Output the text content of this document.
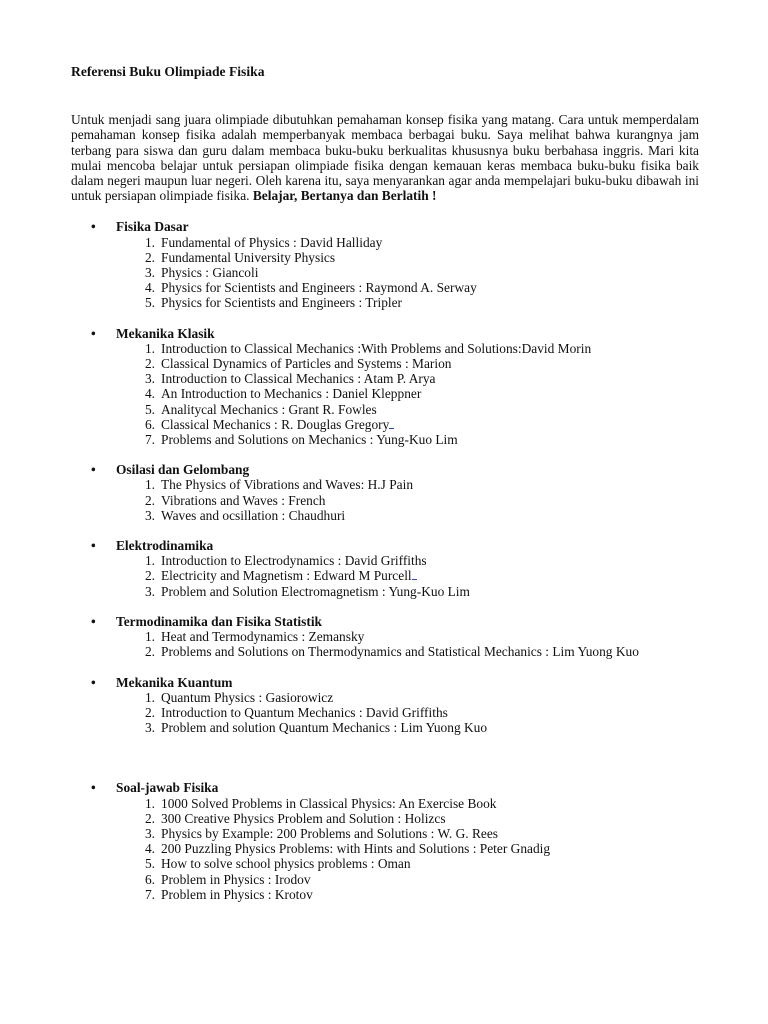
Referensi Buku Olimpiade Fisika

Untuk menjadi sang juara olimpiade dibutuhkan pemahaman konsep fisika yang matang. Cara untuk memperdalam pemahaman konsep fisika adalah memperbanyak membaca berbagai buku. Saya melihat bahwa kurangnya jam terbang para siswa dan guru dalam membaca buku-buku berkualitas khususnya buku berbahasa inggris. Mari kita mulai mencoba belajar untuk persiapan olimpiade fisika dengan kemauan keras membaca buku-buku fisika baik dalam negeri maupun luar negeri. Oleh karena itu, saya menyarankan agar anda mempelajari buku-buku dibawah ini untuk persiapan olimpiade fisika. Belajar, Bertanya dan Berlatih !

• Fisika Dasar
1. Fundamental of Physics : David Halliday
2. Fundamental University Physics
3. Physics : Giancoli
4. Physics for Scientists and Engineers : Raymond A. Serway
5. Physics for Scientists and Engineers : Tripler
• Mekanika Klasik
1. Introduction to Classical Mechanics :With Problems and Solutions:David Morin
2. Classical Dynamics of Particles and Systems : Marion
3. Introduction to Classical Mechanics : Atam P. Arya
4. An Introduction to Mechanics : Daniel Kleppner
5. Analitycal Mechanics : Grant R. Fowles
6. Classical Mechanics : R. Douglas Gregory
7. Problems and Solutions on Mechanics : Yung-Kuo Lim
• Osilasi dan Gelombang
1. The Physics of Vibrations and Waves: H.J Pain
2. Vibrations and Waves : French
3. Waves and ocsillation : Chaudhuri
• Elektrodinamika
1. Introduction to Electrodynamics : David Griffiths
2. Electricity and Magnetism : Edward M Purcell
3. Problem and Solution Electromagnetism : Yung-Kuo Lim
• Termodinamika dan Fisika Statistik
1. Heat and Termodynamics : Zemansky
2. Problems and Solutions on Thermodynamics and Statistical Mechanics : Lim Yuong Kuo
• Mekanika Kuantum
1. Quantum Physics : Gasiorowicz
2. Introduction to Quantum Mechanics : David Griffiths
3. Problem and solution Quantum Mechanics : Lim Yuong Kuo
• Soal-jawab Fisika
1. 1000 Solved Problems in Classical Physics: An Exercise Book
2. 300 Creative Physics Problem and Solution : Holizcs
3. Physics by Example: 200 Problems and Solutions : W. G. Rees
4. 200 Puzzling Physics Problems: with Hints and Solutions : Peter Gnadig
5. How to solve school physics problems : Oman
6. Problem in Physics : Irodov
7. Problem in Physics : Krotov
